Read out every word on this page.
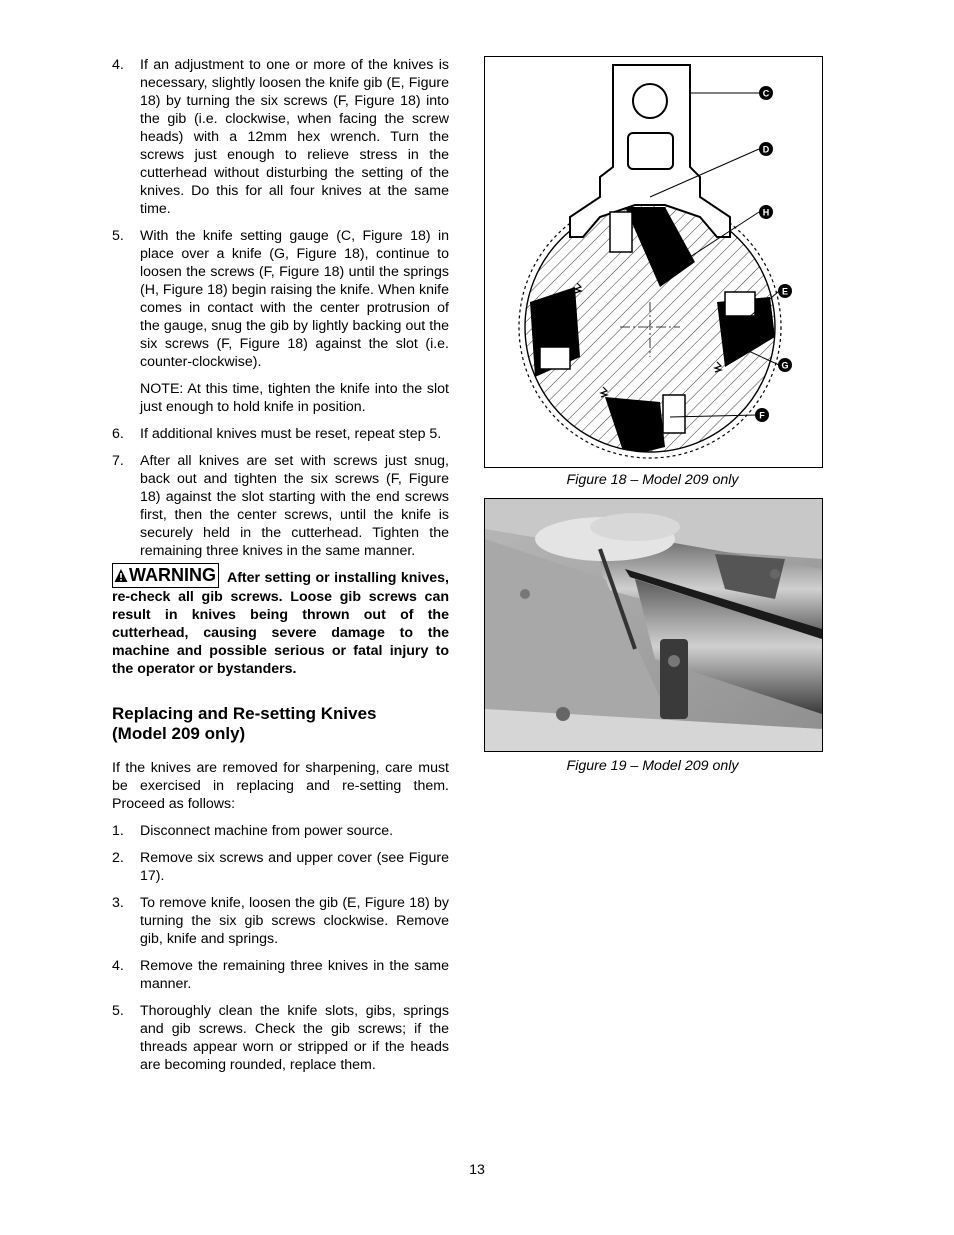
4.	If an adjustment to one or more of the knives is necessary, slightly loosen the knife gib (E, Figure 18) by turning the six screws (F, Figure 18) into the gib (i.e. clockwise, when facing the screw heads) with a 12mm hex wrench. Turn the screws just enough to relieve stress in the cutterhead without disturbing the setting of the knives. Do this for all four knives at the same time.
5.	With the knife setting gauge (C, Figure 18) in place over a knife (G, Figure 18), continue to loosen the screws (F, Figure 18) until the springs (H, Figure 18) begin raising the knife. When knife comes in contact with the center protrusion of the gauge, snug the gib by lightly backing out the six screws (F, Figure 18) against the slot (i.e. counter-clockwise).
NOTE: At this time, tighten the knife into the slot just enough to hold knife in position.
6.	If additional knives must be reset, repeat step 5.
7.	After all knives are set with screws just snug, back out and tighten the six screws (F, Figure 18) against the slot starting with the end screws first, then the center screws, until the knife is securely held in the cutterhead. Tighten the remaining three knives in the same manner.
WARNING After setting or installing knives, re-check all gib screws. Loose gib screws can result in knives being thrown out of the cutterhead, causing severe damage to the machine and possible serious or fatal injury to the operator or bystanders.
Replacing and Re-setting Knives
(Model 209 only)
If the knives are removed for sharpening, care must be exercised in replacing and re-setting them. Proceed as follows:
1.	Disconnect machine from power source.
2.	Remove six screws and upper cover (see Figure 17).
3.	To remove knife, loosen the gib (E, Figure 18) by turning the six gib screws clockwise. Remove gib, knife and springs.
4.	Remove the remaining three knives in the same manner.
5.	Thoroughly clean the knife slots, gibs, springs and gib screws. Check the gib screws; if the threads appear worn or stripped or if the heads are becoming rounded, replace them.
C
D
H
E
G
F
Figure 18 – Model 209 only
Figure 19 – Model 209 only
13
